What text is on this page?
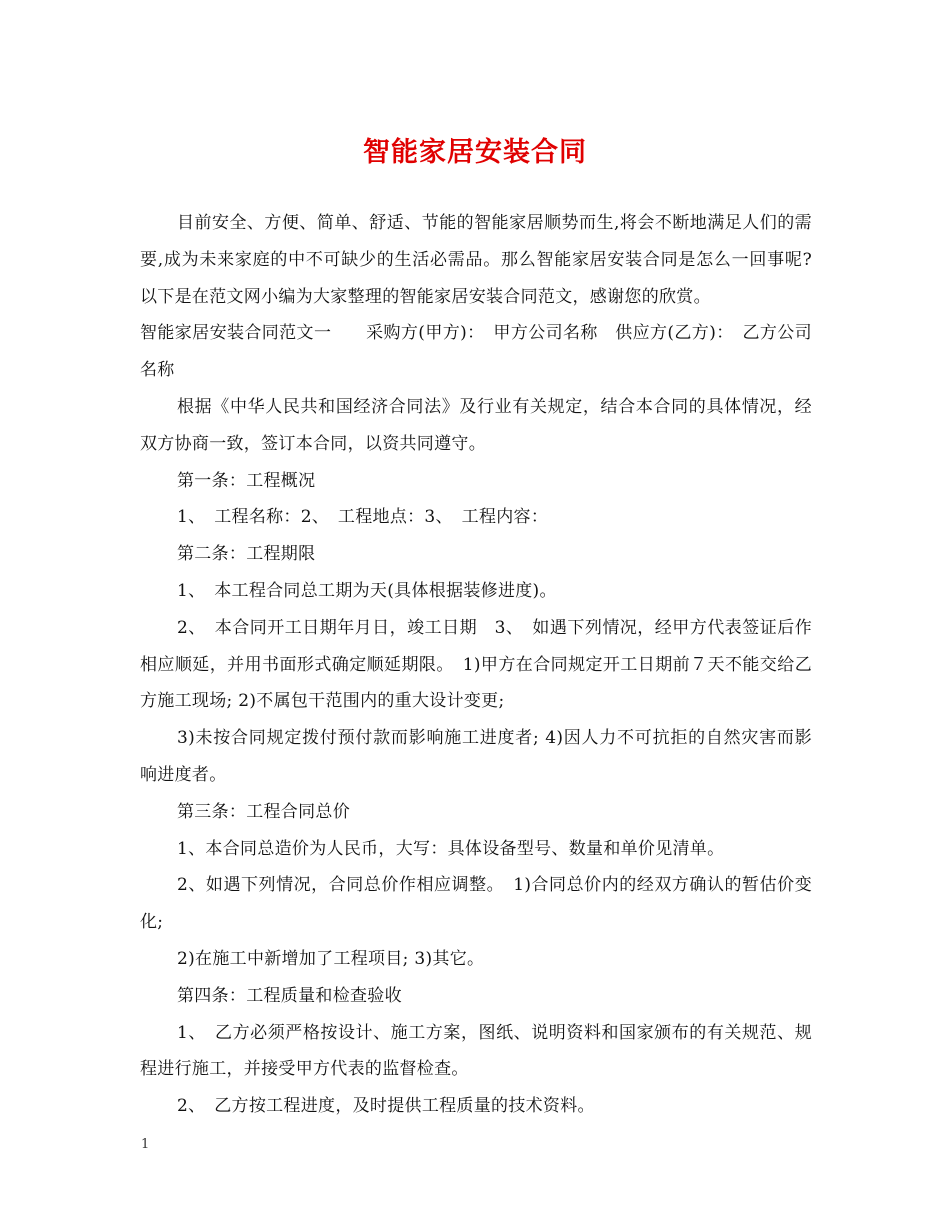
智能家居安装合同

目前安全、方便、简单、舒适、节能的智能家居顺势而生,将会不断地满足人们的需要,成为未来家庭的中不可缺少的生活必需品。那么智能家居安装合同是怎么一回事呢?以下是在范文网小编为大家整理的智能家居安装合同范文，感谢您的欣赏。

智能家居安装合同范文一　　采购方(甲方)：　甲方公司名称　供应方(乙方)：　乙方公司名称

根据《中华人民共和国经济合同法》及行业有关规定，结合本合同的具体情况，经双方协商一致，签订本合同，以资共同遵守。

第一条：工程概况

1、　工程名称：2、　工程地点：3、　工程内容：

第二条：工程期限

1、　本工程合同总工期为天(具体根据装修进度)。

2、　本合同开工日期年月日，竣工日期　3、　如遇下列情况，经甲方代表签证后作相应顺延，并用书面形式确定顺延期限。　1)甲方在合同规定开工日期前７天不能交给乙方施工现场; 2)不属包干范围内的重大设计变更;

3)未按合同规定拨付预付款而影响施工进度者; 4)因人力不可抗拒的自然灾害而影响进度者。

第三条：工程合同总价

1、本合同总造价为人民币，大写：具体设备型号、数量和单价见清单。

2、如遇下列情况，合同总价作相应调整。　1)合同总价内的经双方确认的暂估价变化;

2)在施工中新增加了工程项目; 3)其它。

第四条：工程质量和检查验收

1、　乙方必须严格按设计、施工方案，图纸、说明资料和国家颁布的有关规范、规程进行施工，并接受甲方代表的监督检查。

2、　乙方按工程进度，及时提供工程质量的技术资料。

1
